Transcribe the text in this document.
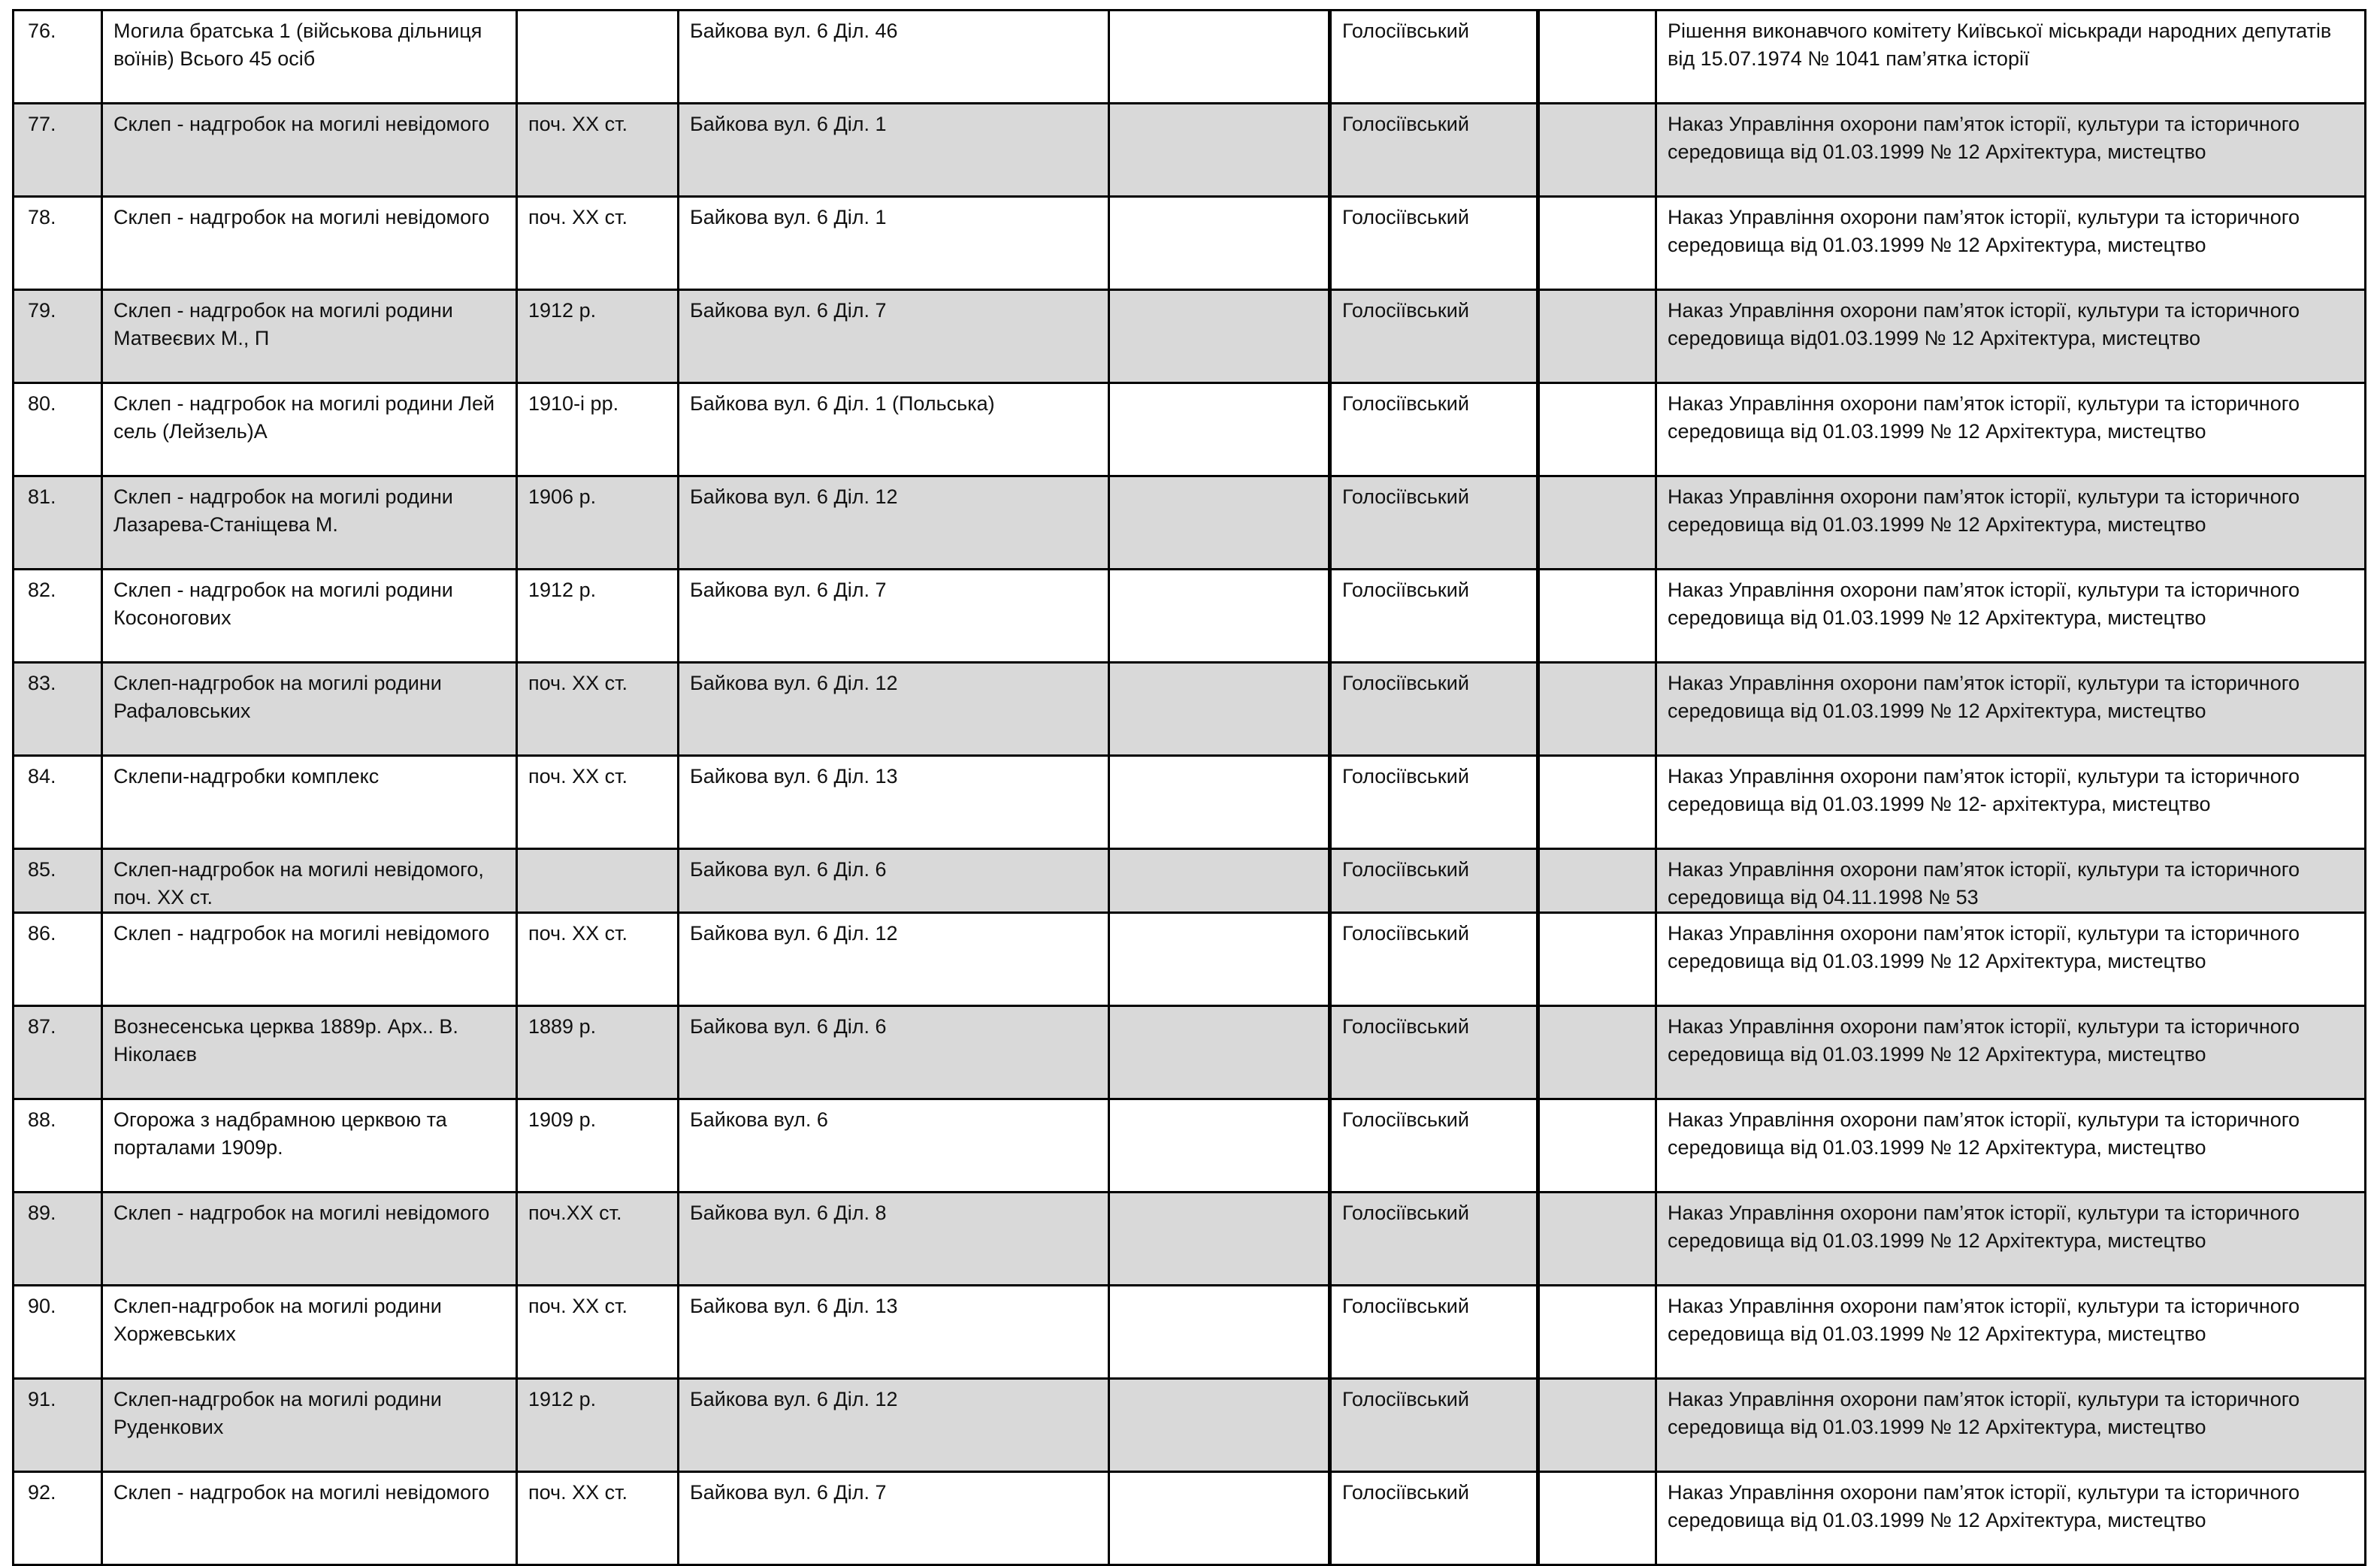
76.	Могила братська 1 (військова дільниця воїнів) Всього 45 осіб		Байкова вул. 6 Діл. 46		Голосіївський		Рішення виконавчого комітету Київської міськради народних депутатів від 15.07.1974 № 1041 пам’ятка історії
77.	Склеп - надгробок на могилі невідомого	поч. XX ст.	Байкова вул. 6 Діл. 1		Голосіївський		Наказ Управління охорони пам’яток історії, культури та історичного середовища від 01.03.1999 № 12 Архітектура, мистецтво
78.	Склеп - надгробок на могилі невідомого	поч. XX ст.	Байкова вул. 6 Діл. 1		Голосіївський		Наказ Управління охорони пам’яток історії, культури та історичного середовища від 01.03.1999 № 12 Архітектура, мистецтво
79.	Склеп - надгробок на могилі родини Матвеєвих М., П	1912 р.	Байкова вул. 6 Діл. 7		Голосіївський		Наказ Управління охорони пам’яток історії, культури та історичного середовища від01.03.1999 № 12 Архітектура, мистецтво
80.	Склеп - надгробок на могилі родини Лей сель (Лейзель)А	1910-і рр.	Байкова вул. 6 Діл. 1 (Польська)		Голосіївський		Наказ Управління охорони пам’яток історії, культури та історичного середовища від 01.03.1999 № 12 Архітектура, мистецтво
81.	Склеп - надгробок на могилі родини Лазарева-Станіщева М.	1906 р.	Байкова вул. 6 Діл. 12		Голосіївський		Наказ Управління охорони пам’яток історії, культури та історичного середовища від 01.03.1999 № 12 Архітектура, мистецтво
82.	Склеп - надгробок на могилі родини Косоногових	1912 р.	Байкова вул. 6 Діл. 7		Голосіївський		Наказ Управління охорони пам’яток історії, культури та історичного середовища від 01.03.1999 № 12 Архітектура, мистецтво
83.	Склеп-надгробок на могилі родини Рафаловських	поч. XX ст.	Байкова вул. 6 Діл. 12		Голосіївський		Наказ Управління охорони пам’яток історії, культури та історичного середовища від 01.03.1999 № 12 Архітектура, мистецтво
84.	Склепи-надгробки комплекс	поч. XX ст.	Байкова вул. 6 Діл. 13		Голосіївський		Наказ Управління охорони пам’яток історії, культури та історичного середовища від 01.03.1999 № 12- архітектура, мистецтво
85.	Склеп-надгробок на могилі невідомого, поч. XX ст.		Байкова вул. 6 Діл. 6		Голосіївський		Наказ Управління охорони пам’яток історії, культури та історичного середовища від 04.11.1998 № 53
86.	Склеп - надгробок на могилі невідомого	поч. XX ст.	Байкова вул. 6 Діл. 12		Голосіївський		Наказ Управління охорони пам’яток історії, культури та історичного середовища від 01.03.1999 № 12 Архітектура, мистецтво
87.	Вознесенська церква 1889р. Арх.. В. Ніколаєв	1889 р.	Байкова вул. 6 Діл. 6		Голосіївський		Наказ Управління охорони пам’яток історії, культури та історичного середовища від 01.03.1999 № 12 Архітектура, мистецтво
88.	Огорожа з надбрамною церквою та порталами 1909р.	1909 р.	Байкова вул. 6		Голосіївський		Наказ Управління охорони пам’яток історії, культури та історичного середовища від 01.03.1999 № 12 Архітектура, мистецтво
89.	Склеп - надгробок на могилі невідомого	поч.XX ст.	Байкова вул. 6 Діл. 8		Голосіївський		Наказ Управління охорони пам’яток історії, культури та історичного середовища від 01.03.1999 № 12 Архітектура, мистецтво
90.	Склеп-надгробок на могилі родини Хоржевських	поч. XX ст.	Байкова вул. 6 Діл. 13		Голосіївський		Наказ Управління охорони пам’яток історії, культури та історичного середовища від 01.03.1999 № 12 Архітектура, мистецтво
91.	Склеп-надгробок на могилі родини Руденкових	1912 р.	Байкова вул. 6 Діл. 12		Голосіївський		Наказ Управління охорони пам’яток історії, культури та історичного середовища від 01.03.1999 № 12 Архітектура, мистецтво
92.	Склеп - надгробок на могилі невідомого	поч. XX ст.	Байкова вул. 6 Діл. 7		Голосіївський		Наказ Управління охорони пам’яток історії, культури та історичного середовища від 01.03.1999 № 12 Архітектура, мистецтво
